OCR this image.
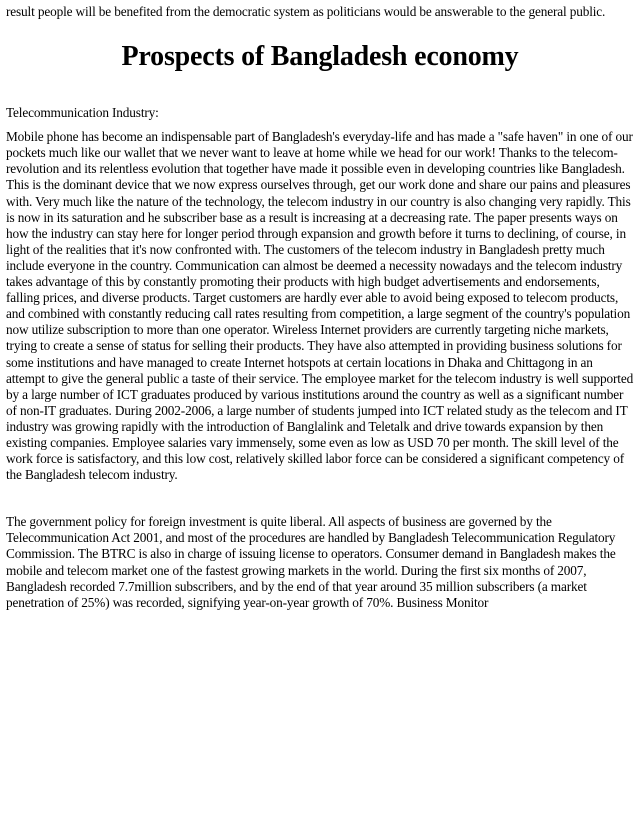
result people will be benefited from the democratic system as politicians would be answerable to the general public.

Prospects of Bangladesh economy

Telecommunication Industry:

Mobile phone has become an indispensable part of Bangladesh's everyday-life and has made a "safe haven" in one of our pockets much like our wallet that we never want to leave at home while we head for our work! Thanks to the telecom-revolution and its relentless evolution that together have made it possible even in developing countries like Bangladesh. This is the dominant device that we now express ourselves through, get our work done and share our pains and pleasures with. Very much like the nature of the technology, the telecom industry in our country is also changing very rapidly. This is now in its saturation and he subscriber base as a result is increasing at a decreasing rate. The paper presents ways on how the industry can stay here for longer period through expansion and growth before it turns to declining, of course, in light of the realities that it's now confronted with. The customers of the telecom industry in Bangladesh pretty much include everyone in the country. Communication can almost be deemed a necessity nowadays and the telecom industry takes advantage of this by constantly promoting their products with high budget advertisements and endorsements, falling prices, and diverse products. Target customers are hardly ever able to avoid being exposed to telecom products, and combined with constantly reducing call rates resulting from competition, a large segment of the country's population now utilize subscription to more than one operator. Wireless Internet providers are currently targeting niche markets, trying to create a sense of status for selling their products. They have also attempted in providing business solutions for some institutions and have managed to create Internet hotspots at certain locations in Dhaka and Chittagong in an attempt to give the general public a taste of their service. The employee market for the telecom industry is well supported by a large number of ICT graduates produced by various institutions around the country as well as a significant number of non-IT graduates. During 2002-2006, a large number of students jumped into ICT related study as the telecom and IT industry was growing rapidly with the introduction of Banglalink and Teletalk and drive towards expansion by then existing companies. Employee salaries vary immensely, some even as low as USD 70 per month. The skill level of the work force is satisfactory, and this low cost, relatively skilled labor force can be considered a significant competency of the Bangladesh telecom industry.

The government policy for foreign investment is quite liberal. All aspects of business are governed by the Telecommunication Act 2001, and most of the procedures are handled by Bangladesh Telecommunication Regulatory Commission. The BTRC is also in charge of issuing license to operators. Consumer demand in Bangladesh makes the mobile and telecom market one of the fastest growing markets in the world. During the first six months of 2007, Bangladesh recorded 7.7million subscribers, and by the end of that year around 35 million subscribers (a market penetration of 25%) was recorded, signifying year-on-year growth of 70%. Business Monitor
